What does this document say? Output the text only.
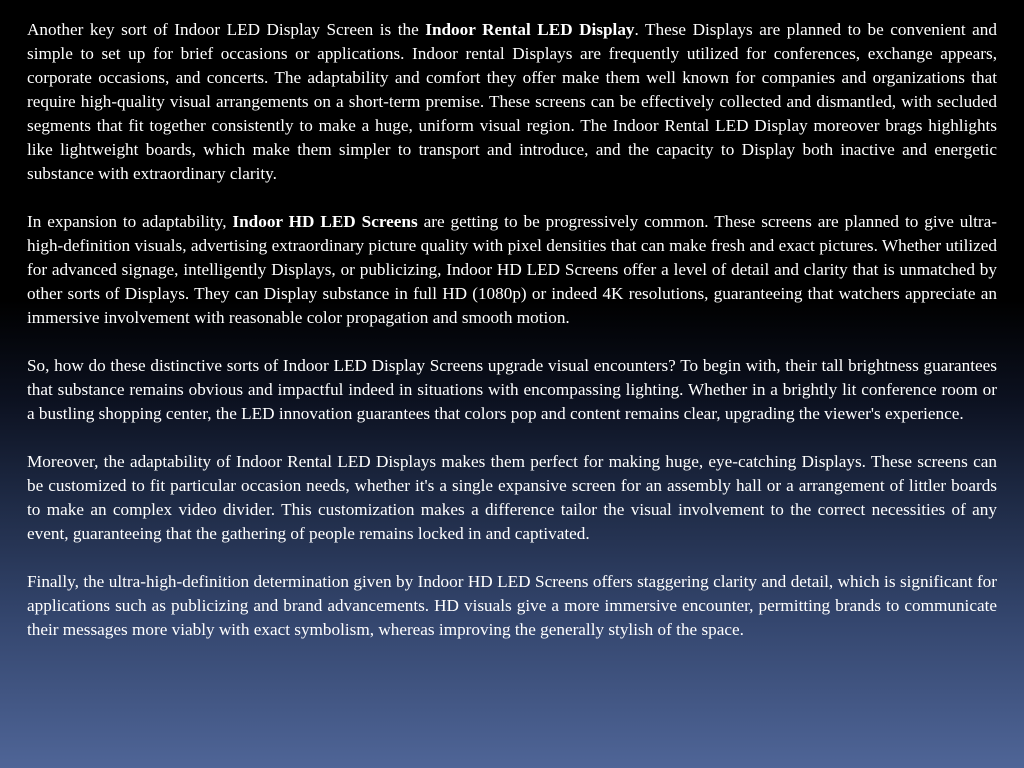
Another key sort of Indoor LED Display Screen is the Indoor Rental LED Display. These Displays are planned to be convenient and simple to set up for brief occasions or applications. Indoor rental Displays are frequently utilized for conferences, exchange appears, corporate occasions, and concerts. The adaptability and comfort they offer make them well known for companies and organizations that require high-quality visual arrangements on a short-term premise. These screens can be effectively collected and dismantled, with secluded segments that fit together consistently to make a huge, uniform visual region. The Indoor Rental LED Display moreover brags highlights like lightweight boards, which make them simpler to transport and introduce, and the capacity to Display both inactive and energetic substance with extraordinary clarity.

In expansion to adaptability, Indoor HD LED Screens are getting to be progressively common. These screens are planned to give ultra-high-definition visuals, advertising extraordinary picture quality with pixel densities that can make fresh and exact pictures. Whether utilized for advanced signage, intelligently Displays, or publicizing, Indoor HD LED Screens offer a level of detail and clarity that is unmatched by other sorts of Displays. They can Display substance in full HD (1080p) or indeed 4K resolutions, guaranteeing that watchers appreciate an immersive involvement with reasonable color propagation and smooth motion.

So, how do these distinctive sorts of Indoor LED Display Screens upgrade visual encounters? To begin with, their tall brightness guarantees that substance remains obvious and impactful indeed in situations with encompassing lighting. Whether in a brightly lit conference room or a bustling shopping center, the LED innovation guarantees that colors pop and content remains clear, upgrading the viewer's experience.

Moreover, the adaptability of Indoor Rental LED Displays makes them perfect for making huge, eye-catching Displays. These screens can be customized to fit particular occasion needs, whether it's a single expansive screen for an assembly hall or a arrangement of littler boards to make an complex video divider. This customization makes a difference tailor the visual involvement to the correct necessities of any event, guaranteeing that the gathering of people remains locked in and captivated.

Finally, the ultra-high-definition determination given by Indoor HD LED Screens offers staggering clarity and detail, which is significant for applications such as publicizing and brand advancements. HD visuals give a more immersive encounter, permitting brands to communicate their messages more viably with exact symbolism, whereas improving the generally stylish of the space.
